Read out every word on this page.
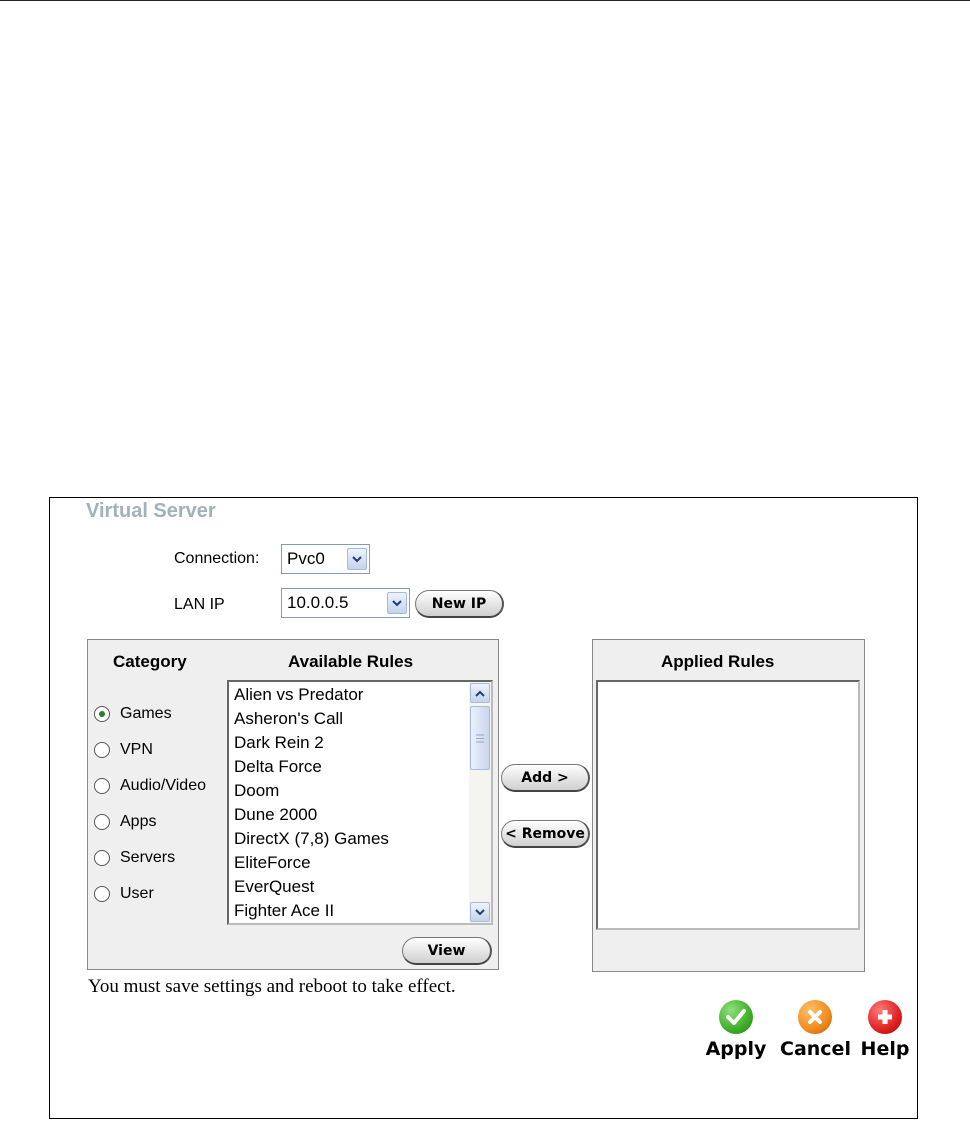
Virtual Server
Connection: Pvc0
LAN IP	10.0.0.5	New IP
Category	Available Rules
Games
VPN
Audio/Video
Apps
Servers
User
Alien vs Predator
Asheron's Call
Dark Rein 2
Delta Force
Doom
Dune 2000
DirectX (7,8) Games
EliteForce
EverQuest
Fighter Ace II
View
Add >
< Remove
Applied Rules
You must save settings and reboot to take effect.
Apply Cancel Help
